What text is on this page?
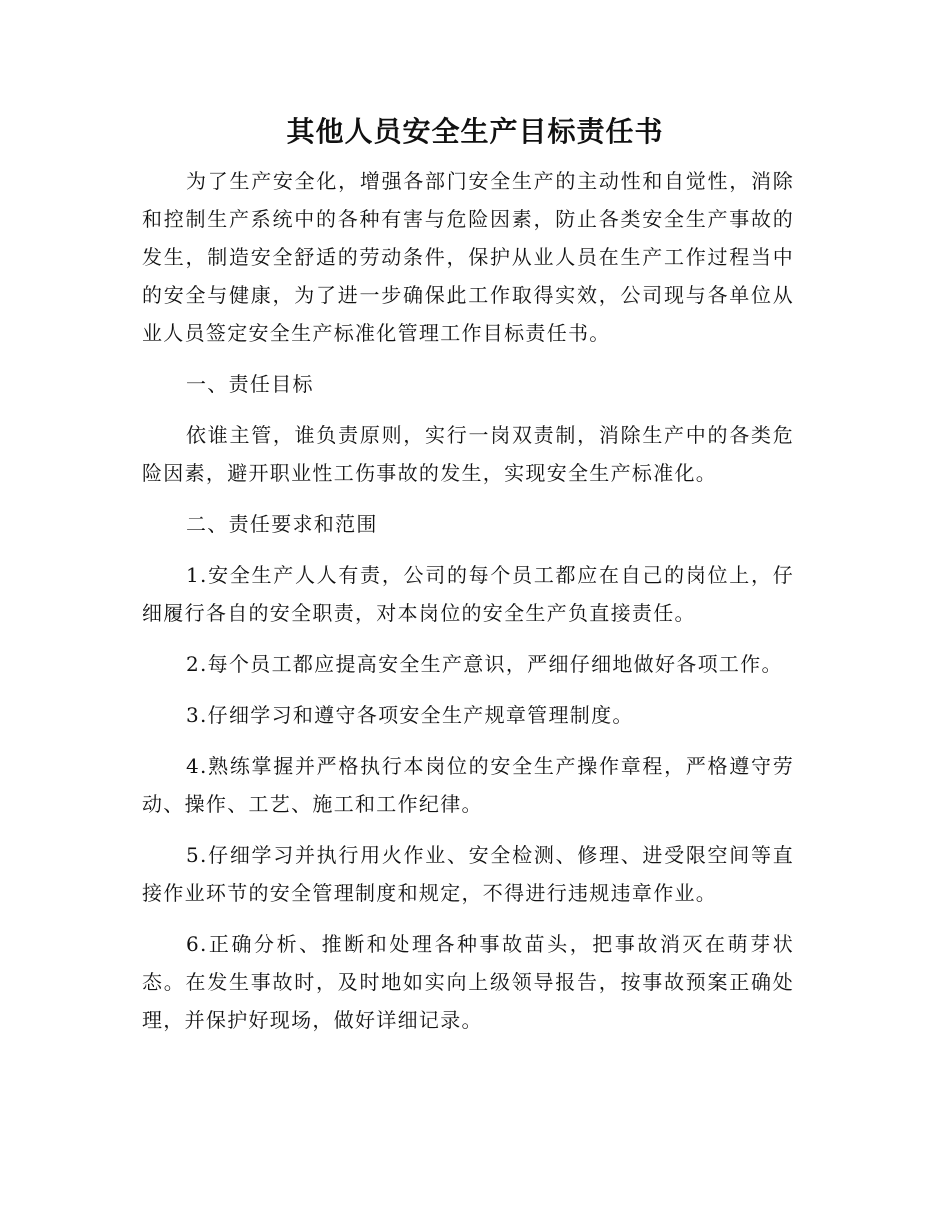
其他人员安全生产目标责任书

为了生产安全化，增强各部门安全生产的主动性和自觉性，消除和控制生产系统中的各种有害与危险因素，防止各类安全生产事故的发生，制造安全舒适的劳动条件，保护从业人员在生产工作过程当中的安全与健康，为了进一步确保此工作取得实效，公司现与各单位从业人员签定安全生产标准化管理工作目标责任书。

一、责任目标

依谁主管，谁负责原则，实行一岗双责制，消除生产中的各类危险因素，避开职业性工伤事故的发生，实现安全生产标准化。

二、责任要求和范围

1.安全生产人人有责，公司的每个员工都应在自己的岗位上，仔细履行各自的安全职责，对本岗位的安全生产负直接责任。

2.每个员工都应提高安全生产意识，严细仔细地做好各项工作。

3.仔细学习和遵守各项安全生产规章管理制度。

4.熟练掌握并严格执行本岗位的安全生产操作章程，严格遵守劳动、操作、工艺、施工和工作纪律。

5.仔细学习并执行用火作业、安全检测、修理、进受限空间等直接作业环节的安全管理制度和规定，不得进行违规违章作业。

6.正确分析、推断和处理各种事故苗头，把事故消灭在萌芽状态。在发生事故时，及时地如实向上级领导报告，按事故预案正确处理，并保护好现场，做好详细记录。
